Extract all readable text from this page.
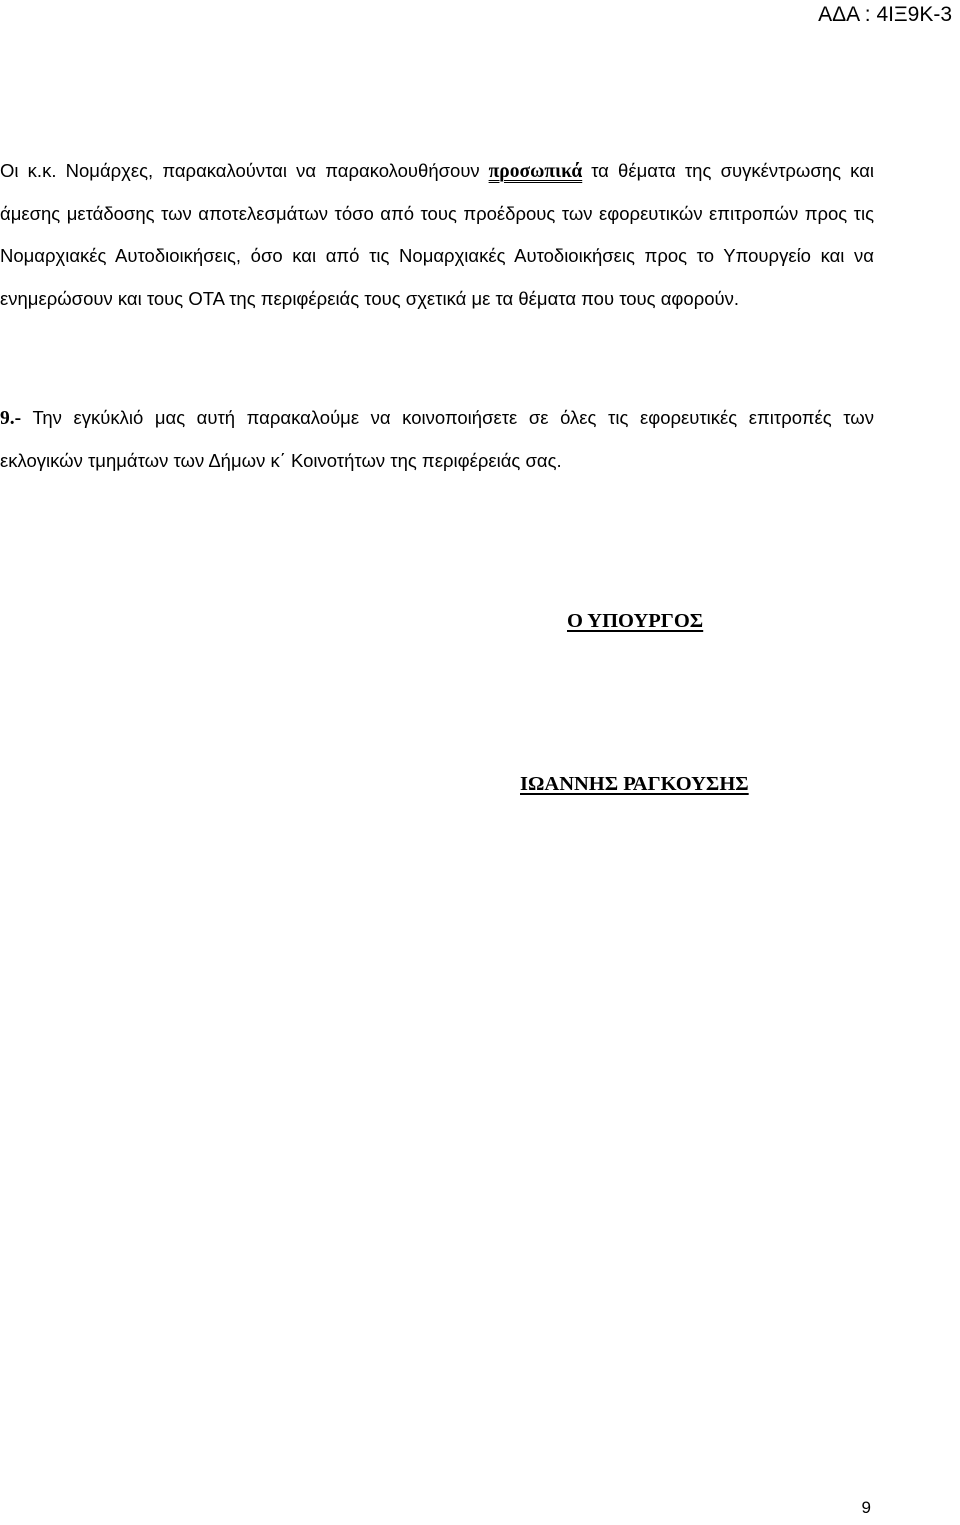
ΑΔΑ : 4ΙΞ9Κ-3

Οι κ.κ. Νομάρχες, παρακαλούνται να παρακολουθήσουν προσωπικά τα θέματα της συγκέντρωσης και άμεσης μετάδοσης των αποτελεσμάτων τόσο από τους προέδρους των εφορευτικών επιτροπών προς τις Νομαρχιακές Αυτοδιοικήσεις, όσο και από τις Νομαρχιακές Αυτοδιοικήσεις προς το Υπουργείο και να ενημερώσουν και τους ΟΤΑ της περιφέρειάς τους σχετικά με τα θέματα που τους αφορούν.

9.- Την εγκύκλιό μας αυτή παρακαλούμε να κοινοποιήσετε σε όλες τις εφορευτικές επιτροπές των εκλογικών τμημάτων των Δήμων κ΄ Κοινοτήτων της περιφέρειάς σας.

Ο ΥΠΟΥΡΓΟΣ
ΙΩΑΝΝΗΣ ΡΑΓΚΟΥΣΗΣ
9
